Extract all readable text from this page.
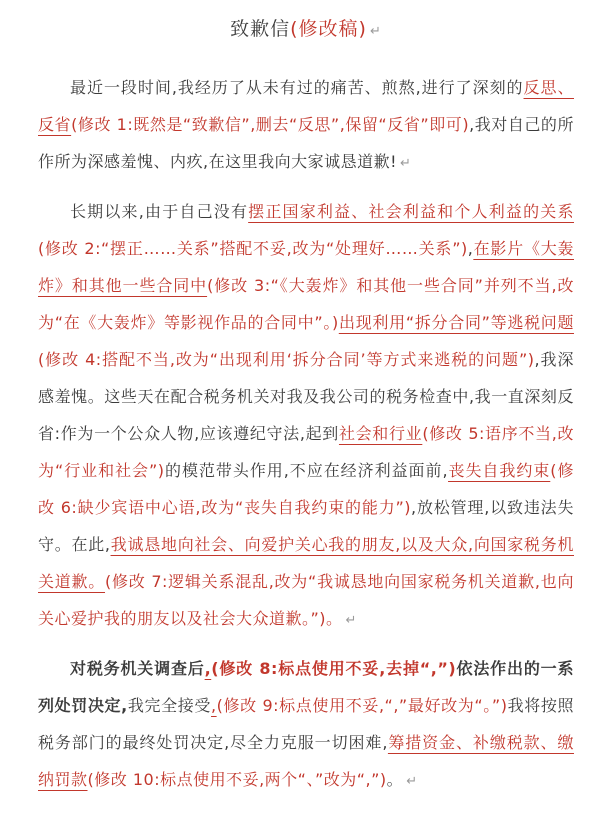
致歉信(修改稿) ↵

最近一段时间,我经历了从未有过的痛苦、煎熬,进行了深刻的反思、反省(修改 1:既然是“致歉信”,删去“反思”,保留“反省”即可),我对自己的所作所为深感羞愧、内疚,在这里我向大家诚恳道歉! ↵

长期以来,由于自己没有摆正国家利益、社会利益和个人利益的关系(修改 2:“摆正……关系”搭配不妥,改为“处理好……关系”),在影片《大轰炸》和其他一些合同中(修改 3:“《大轰炸》和其他一些合同”并列不当,改为“在《大轰炸》等影视作品的合同中”。)出现利用“拆分合同”等逃税问题(修改 4:搭配不当,改为“出现利用‘拆分合同’等方式来逃税的问题”),我深感羞愧。这些天在配合税务机关对我及我公司的税务检查中,我一直深刻反省:作为一个公众人物,应该遵纪守法,起到社会和行业(修改 5:语序不当,改为“行业和社会”)的模范带头作用,不应在经济利益面前,丧失自我约束(修改 6:缺少宾语中心语,改为“丧失自我约束的能力”),放松管理,以致违法失守。在此,我诚恳地向社会、向爱护关心我的朋友,以及大众,向国家税务机关道歉。(修改 7:逻辑关系混乱,改为“我诚恳地向国家税务机关道歉,也向关心爱护我的朋友以及社会大众道歉。”)。 ↵

对税务机关调查后,(修改 8:标点使用不妥,去掉“,”)依法作出的一系列处罚决定,我完全接受,(修改 9:标点使用不妥,“,”最好改为“。”)我将按照税务部门的最终处罚决定,尽全力克服一切困难,筹措资金、补缴税款、缴纳罚款(修改 10:标点使用不妥,两个“、”改为“,”)。 ↵
